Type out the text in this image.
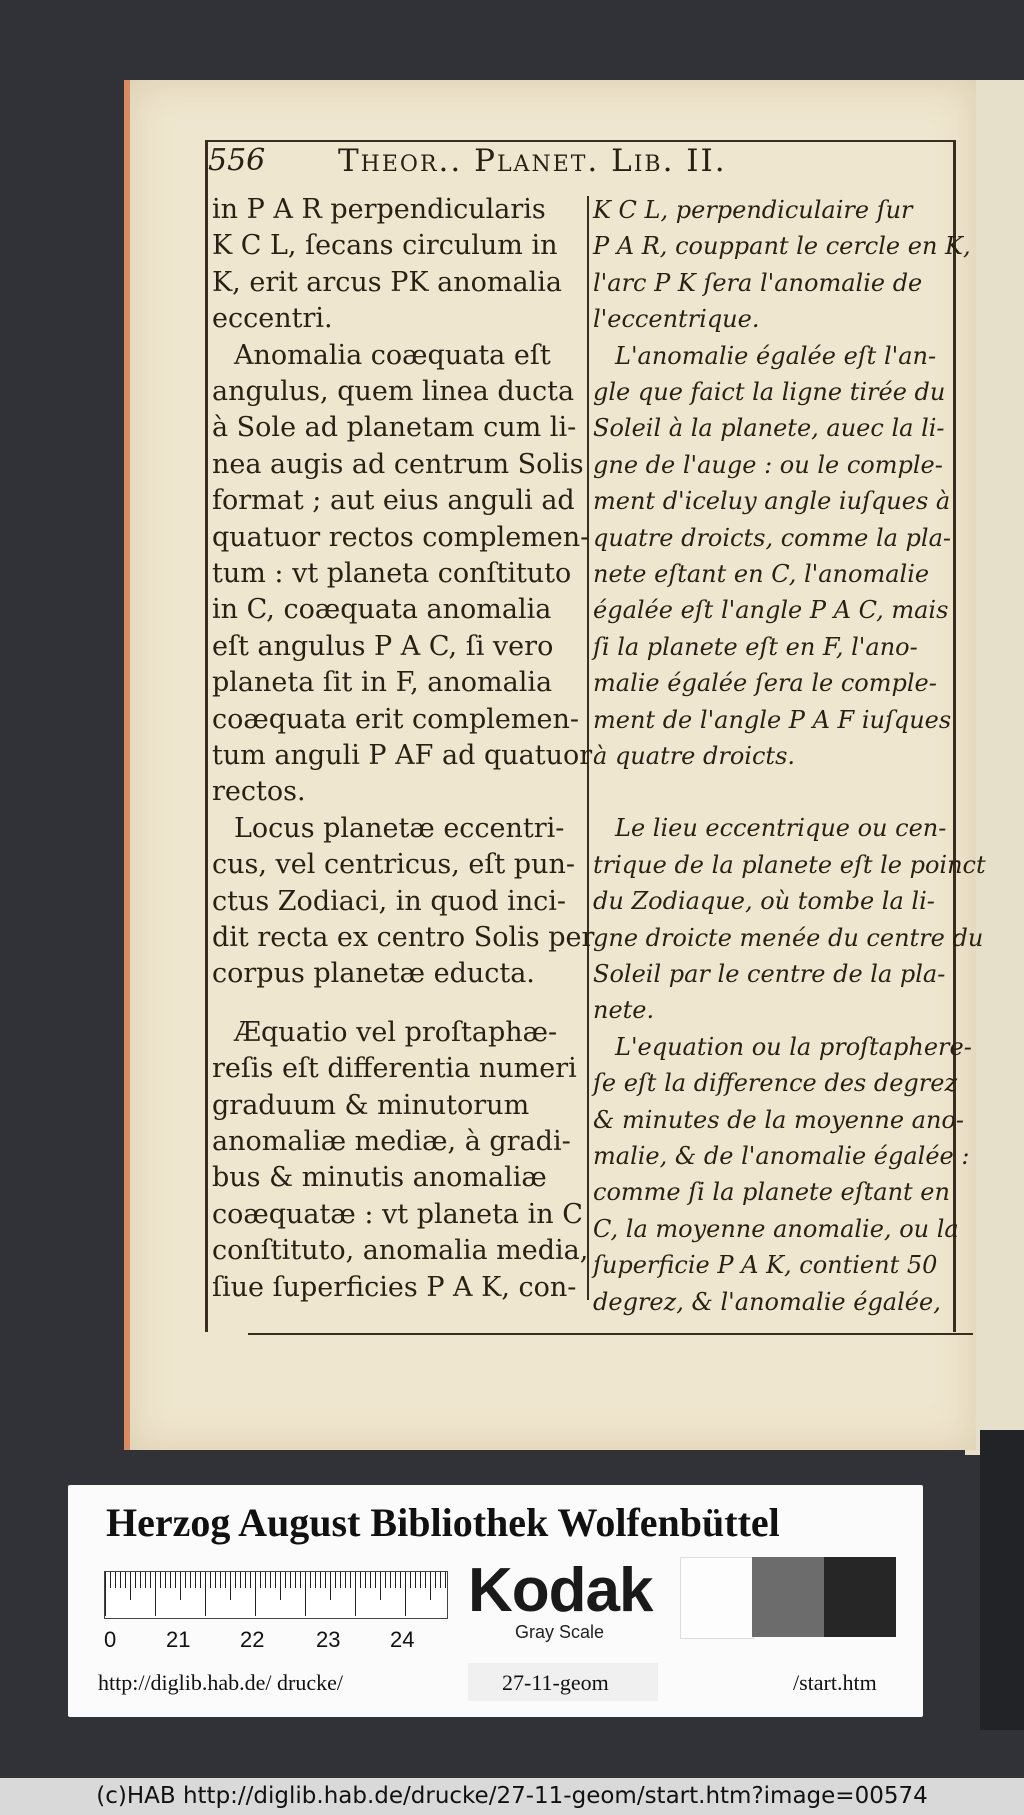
556 Theor.. Planet. Lib. II.
in P A R perpendicularis
K C L, ſecans circulum in
K, erit arcus PK anomalia
eccentri.
Anomalia coæquata eſt
angulus, quem linea ducta
à Sole ad planetam cum li-
nea augis ad centrum Solis
format ; aut eius anguli ad
quatuor rectos complemen-
tum : vt planeta conſtituto
in C, coæquata anomalia
eſt angulus P A C, ſi vero
planeta ſit in F, anomalia
coæquata erit complemen-
tum anguli P AF ad quatuor
rectos.
Locus planetæ eccentri-
cus, vel centricus, eſt pun-
ctus Zodiaci, in quod inci-
dit recta ex centro Solis per
corpus planetæ educta.
Æquatio vel proſtaphæ-
reſis eſt differentia numeri
graduum & minutorum
anomaliæ mediæ, à gradi-
bus & minutis anomaliæ
coæquatæ : vt planeta in C
conſtituto, anomalia media,
ſiue ſuperficies P A K, con-
K C L, perpendiculaire ſur
P A R, couppant le cercle en K,
l'arc P K ſera l'anomalie de
l'eccentrique.
L'anomalie égalée eſt l'an-
gle que faict la ligne tirée du
Soleil à la planete, auec la li-
gne de l'auge : ou le comple-
ment d'iceluy angle iuſques à
quatre droicts, comme la pla-
nete eſtant en C, l'anomalie
égalée eſt l'angle P A C, mais
ſi la planete eſt en F, l'ano-
malie égalée ſera le comple-
ment de l'angle P A F iuſques
à quatre droicts.
Le lieu eccentrique ou cen-
trique de la planete eſt le poinct
du Zodiaque, où tombe la li-
gne droicte menée du centre du
Soleil par le centre de la pla-
nete.
L'equation ou la proſtaphere-
ſe eſt la difference des degrez
& minutes de la moyenne ano-
malie, & de l'anomalie égalée :
comme ſi la planete eſtant en
C, la moyenne anomalie, ou la
ſuperficie P A K, contient 50
degrez, & l'anomalie égalée,
Herzog August Bibliothek Wolfenbüttel
0 21 22 23 24
Kodak
Gray Scale
http://diglib.hab.de/ drucke/	27-11-geom	/start.htm
(c)HAB http://diglib.hab.de/drucke/27-11-geom/start.htm?image=00574
